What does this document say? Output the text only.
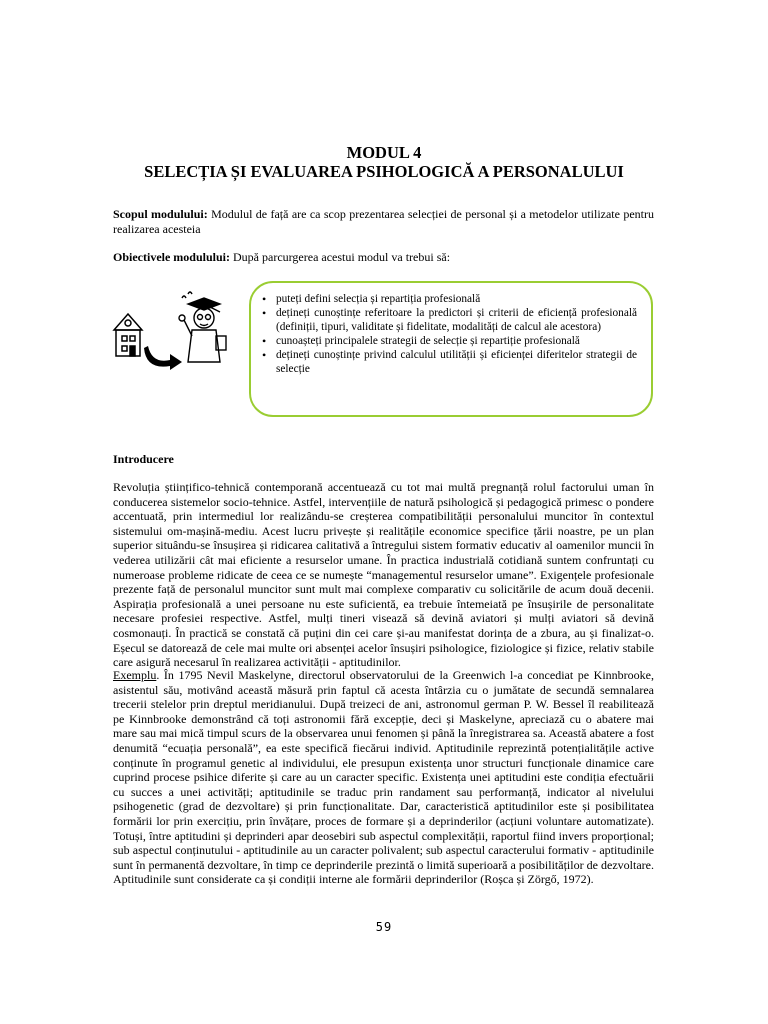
MODUL 4
SELECȚIA ȘI EVALUAREA PSIHOLOGICĂ A PERSONALULUI
Scopul modulului: Modulul de față are ca scop prezentarea selecției de personal și a metodelor utilizate pentru realizarea acesteia
Obiectivele modulului: După parcurgerea acestui modul va trebui să:
• puteți defini selecția și repartiția profesională
• dețineți cunoștințe referitoare la predictori și criterii de eficiență profesională (definiții, tipuri, validitate și fidelitate, modalități de calcul ale acestora)
• cunoașteți principalele strategii de selecție și repartiție profesională
• dețineți cunoștințe privind calculul utilității și eficienței diferitelor strategii de selecție
Introducere
Revoluția științifico-tehnică contemporană accentuează cu tot mai multă pregnanță rolul factorului uman în conducerea sistemelor socio-tehnice. Astfel, intervențiile de natură psihologică și pedagogică primesc o pondere accentuată, prin intermediul lor realizându-se creșterea compatibilității personalului muncitor în contextul sistemului om-mașină-mediu. Acest lucru privește și realitățile economice specifice țării noastre, pe un plan superior situându-se însușirea și ridicarea calitativă a întregului sistem formativ educativ al oamenilor muncii în vederea utilizării cât mai eficiente a resurselor umane. În practica industrială cotidiană suntem confruntați cu numeroase probleme ridicate de ceea ce se numește “managementul resurselor umane”. Exigențele profesionale prezente față de personalul muncitor sunt mult mai complexe comparativ cu solicitările de acum două decenii. Aspirația profesională a unei persoane nu este suficientă, ea trebuie întemeiată pe însușirile de personalitate necesare profesiei respective. Astfel, mulți tineri visează să devină aviatori și mulți aviatori să devină cosmonauți. În practică se constată că puțini din cei care și-au manifestat dorința de a zbura, au și finalizat-o. Eșecul se datorează de cele mai multe ori absenței acelor însușiri psihologice, fiziologice și fizice, relativ stabile care asigură necesarul în realizarea activității - aptitudinilor.
Exemplu. În 1795 Nevil Maskelyne, directorul observatorului de la Greenwich l-a concediat pe Kinnbrooke, asistentul său, motivând această măsură prin faptul că acesta întârzia cu o jumătate de secundă semnalarea trecerii stelelor prin dreptul meridianului. După treizeci de ani, astronomul german P. W. Bessel îl reabilitează pe Kinnbrooke demonstrând că toți astronomii fără excepție, deci și Maskelyne, apreciază cu o abatere mai mare sau mai mică timpul scurs de la observarea unui fenomen și până la înregistrarea sa. Această abatere a fost denumită “ecuația personală”, ea este specifică fiecărui individ. Aptitudinile reprezintă potențialitățile active conținute în programul genetic al individului, ele presupun existența unor structuri funcționale dinamice care cuprind procese psihice diferite și care au un caracter specific. Existența unei aptitudini este condiția efectuării cu succes a unei activități; aptitudinile se traduc prin randament sau performanță, indicator al nivelului psihogenetic (grad de dezvoltare) și prin funcționalitate. Dar, caracteristică aptitudinilor este și posibilitatea formării lor prin exercițiu, prin învățare, proces de formare și a deprinderilor (acțiuni voluntare automatizate). Totuși, între aptitudini și deprinderi apar deosebiri sub aspectul complexității, raportul fiind invers proporțional; sub aspectul conținutului - aptitudinile au un caracter polivalent; sub aspectul caracterului formativ - aptitudinile sunt în permanentă dezvoltare, în timp ce deprinderile prezintă o limită superioară a posibilităților de dezvoltare. Aptitudinile sunt considerate ca și condiții interne ale formării deprinderilor (Roșca și Zörgő, 1972).
59
